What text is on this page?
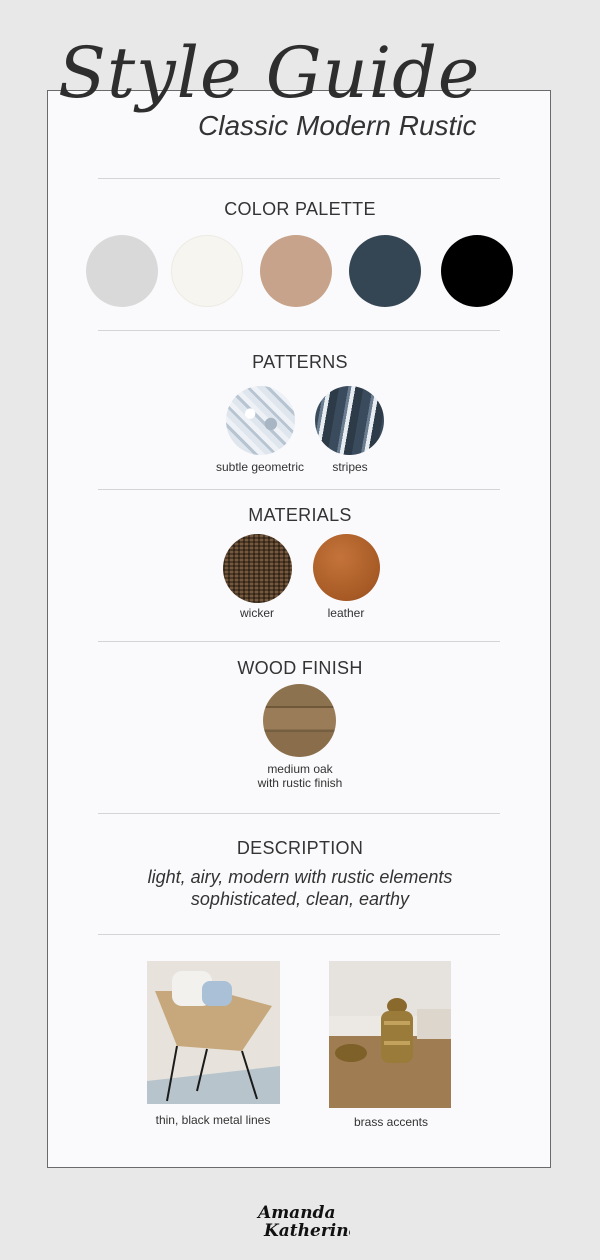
Style Guide
Classic Modern Rustic
COLOR PALETTE
PATTERNS
subtle geometric	stripes
MATERIALS
wicker	leather
WOOD FINISH
medium oak
with rustic finish
DESCRIPTION
light, airy, modern with rustic elements
sophisticated, clean, earthy
thin, black metal lines	brass accents
Amanda
Katherine
